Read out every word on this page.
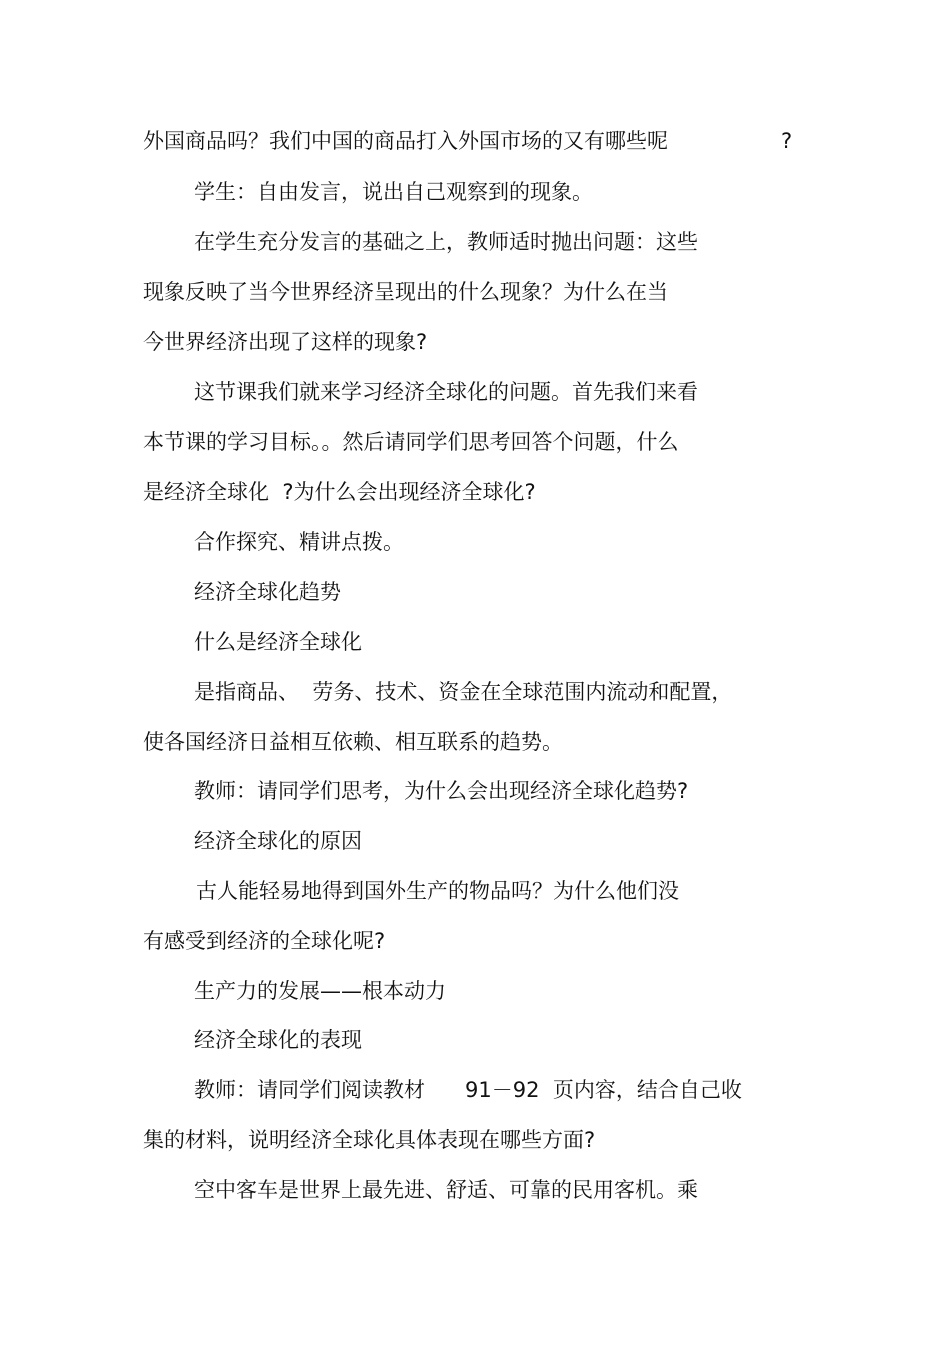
外国商品吗？我们中国的商品打入外国市场的又有哪些呢	?
学生：自由发言，说出自己观察到的现象。
在学生充分发言的基础之上，教师适时抛出问题：这些
现象反映了当今世界经济呈现出的什么现象？为什么在当
今世界经济出现了这样的现象?
这节课我们就来学习经济全球化的问题。首先我们来看
本节课的学习目标。。然后请同学们思考回答个问题，什么
是经济全球化  ?为什么会出现经济全球化?
合作探究、精讲点拨。
经济全球化趋势
什么是经济全球化
是指商品、  劳务、技术、资金在全球范围内流动和配置，
使各国经济日益相互依赖、相互联系的趋势。
教师：请同学们思考，为什么会出现经济全球化趋势?
经济全球化的原因
古人能轻易地得到国外生产的物品吗？为什么他们没
有感受到经济的全球化呢?
生产力的发展——根本动力
经济全球化的表现
教师：请同学们阅读教材      91－92  页内容，结合自己收
集的材料，说明经济全球化具体表现在哪些方面?
空中客车是世界上最先进、舒适、可靠的民用客机。乘
